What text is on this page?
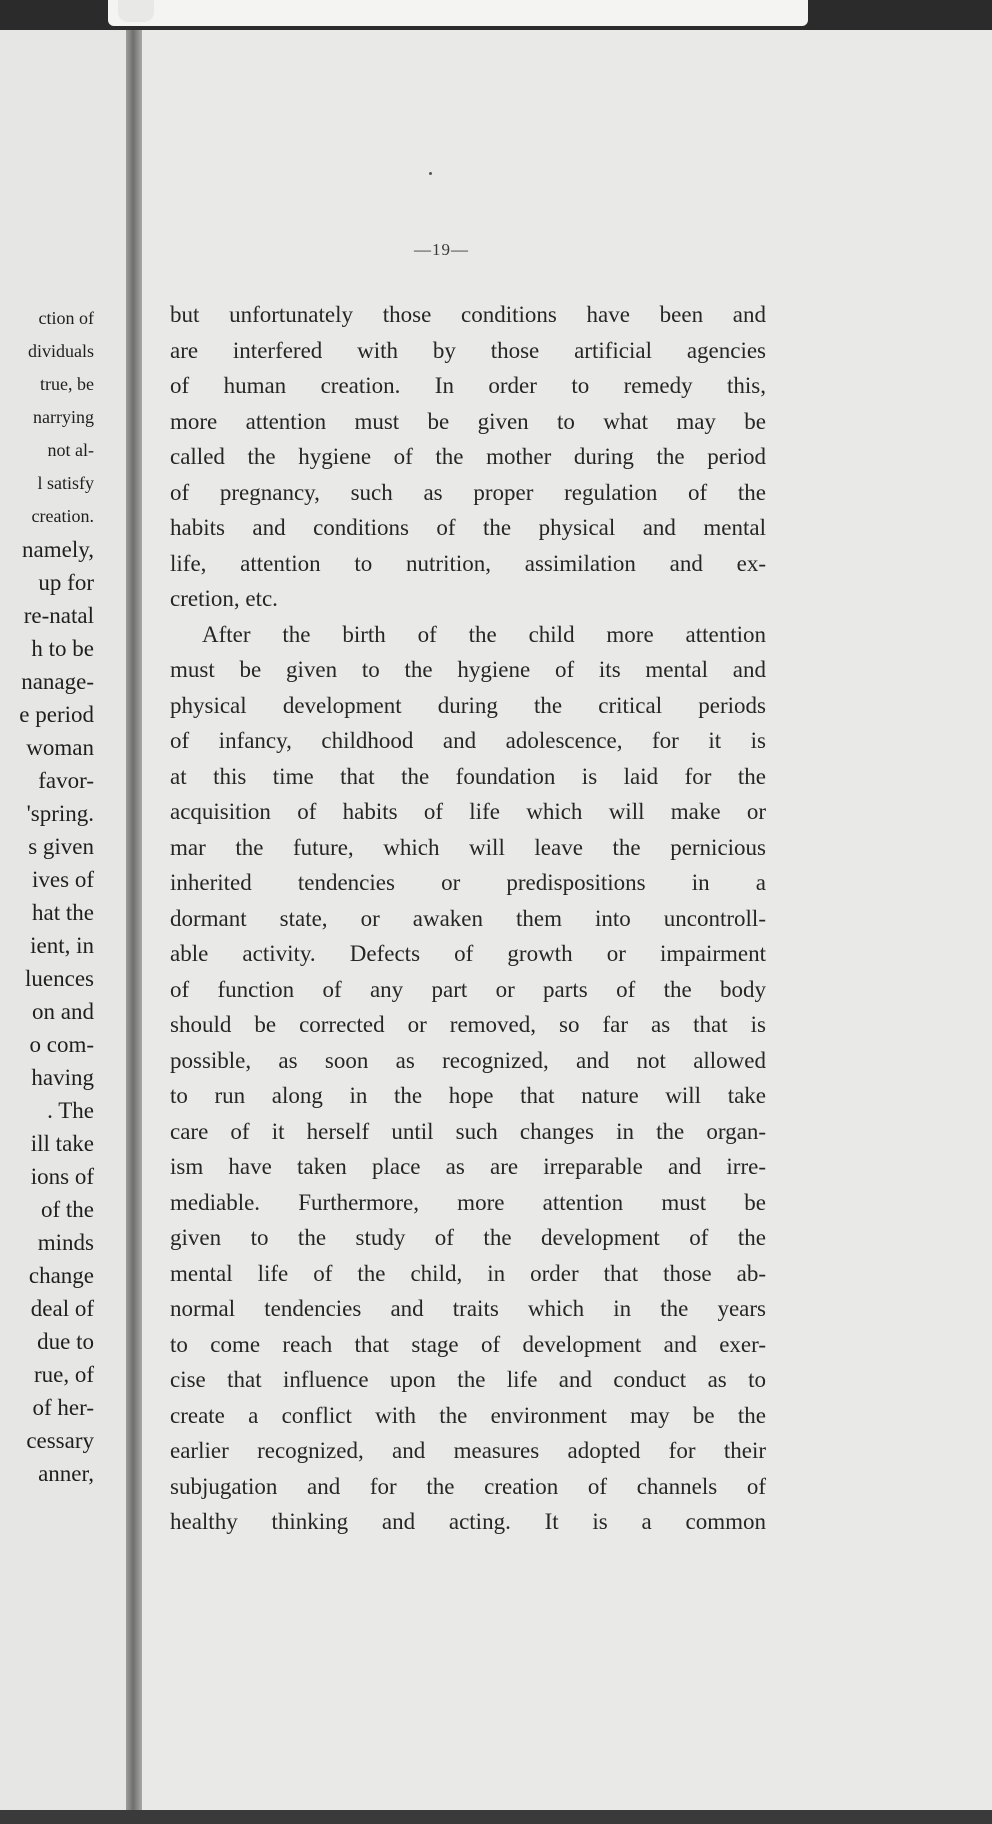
ction of
dividuals
true, be
narrying
not al-
l satisfy
creation.
namely,
up for
re-natal
h to be
nanage-
e period
woman
favor-
'spring.
s given
ives of
hat the
ient, in
luences
on and
o com-
having
. The
ill take
ions of
of the
minds
change
deal of
due to
rue, of
of her-
cessary
anner,
—19—
but unfortunately those conditions have been and
are interfered with by those artificial agencies
of human creation. In order to remedy this,
more attention must be given to what may be
called the hygiene of the mother during the period
of pregnancy, such as proper regulation of the
habits and conditions of the physical and mental
life, attention to nutrition, assimilation and ex-
cretion, etc.
After the birth of the child more attention
must be given to the hygiene of its mental and
physical development during the critical periods
of infancy, childhood and adolescence, for it is
at this time that the foundation is laid for the
acquisition of habits of life which will make or
mar the future, which will leave the pernicious
inherited tendencies or predispositions in a
dormant state, or awaken them into uncontroll-
able activity. Defects of growth or impairment
of function of any part or parts of the body
should be corrected or removed, so far as that is
possible, as soon as recognized, and not allowed
to run along in the hope that nature will take
care of it herself until such changes in the organ-
ism have taken place as are irreparable and irre-
mediable. Furthermore, more attention must be
given to the study of the development of the
mental life of the child, in order that those ab-
normal tendencies and traits which in the years
to come reach that stage of development and exer-
cise that influence upon the life and conduct as to
create a conflict with the environment may be the
earlier recognized, and measures adopted for their
subjugation and for the creation of channels of
healthy thinking and acting. It is a common
